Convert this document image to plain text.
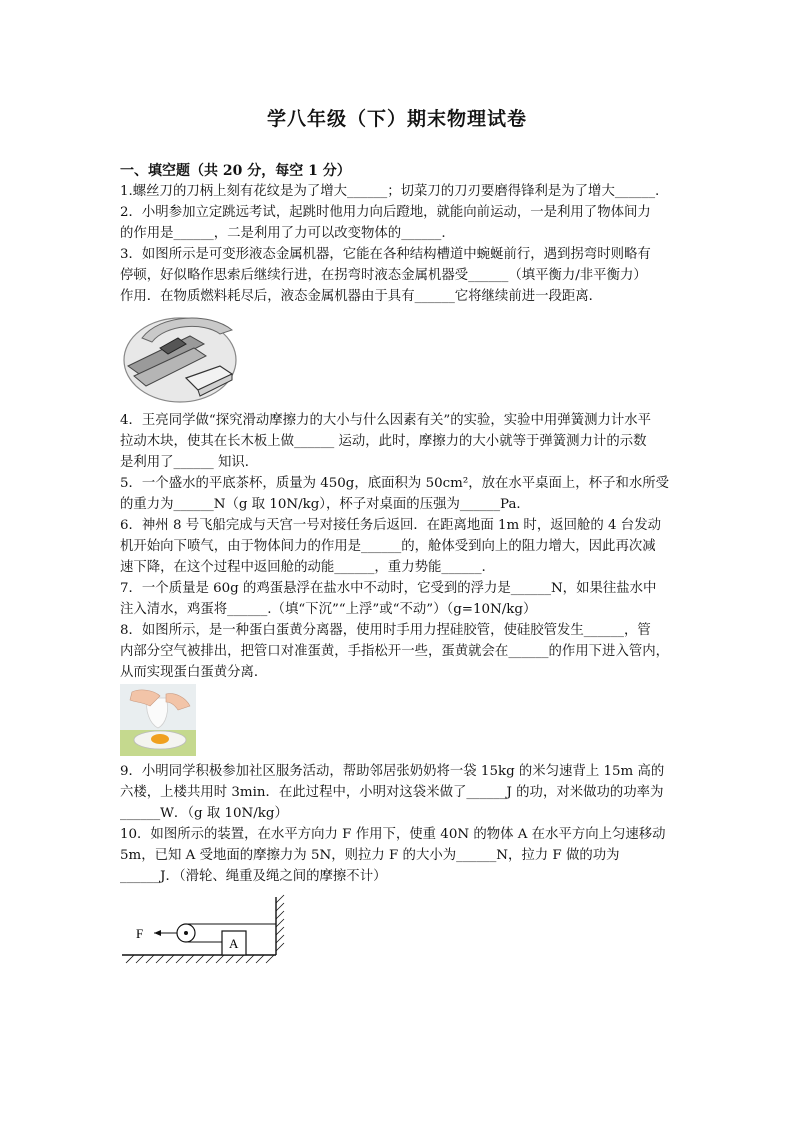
学八年级（下）期末物理试卷
一、填空题（共 20 分，每空 1 分）
1.螺丝刀的刀柄上刻有花纹是为了增大______；切菜刀的刀刃要磨得锋利是为了增大______.
2．小明参加立定跳远考试，起跳时他用力向后蹬地，就能向前运动，一是利用了物体间力
的作用是______，二是利用了力可以改变物体的______.
3．如图所示是可变形液态金属机器，它能在各种结构槽道中蜿蜒前行，遇到拐弯时则略有
停顿，好似略作思索后继续行进，在拐弯时液态金属机器受______（填平衡力/非平衡力）
作用．在物质燃料耗尽后，液态金属机器由于具有______它将继续前进一段距离．
4．王亮同学做“探究滑动摩擦力的大小与什么因素有关”的实验，实验中用弹簧测力计水平
拉动木块，使其在长木板上做______ 运动，此时，摩擦力的大小就等于弹簧测力计的示数
是利用了______ 知识．
5．一个盛水的平底茶杯，质量为 450g，底面积为 50cm²，放在水平桌面上，杯子和水所受
的重力为______N（g 取 10N/kg），杯子对桌面的压强为______Pa．
6．神州 8 号飞船完成与天宫一号对接任务后返回．在距离地面 1m 时，返回舱的 4 台发动
机开始向下喷气，由于物体间力的作用是______的，舱体受到向上的阻力增大，因此再次减
速下降，在这个过程中返回舱的动能______，重力势能______.
7．一个质量是 60g 的鸡蛋悬浮在盐水中不动时，它受到的浮力是______N，如果往盐水中
注入清水，鸡蛋将______.（填“下沉”“上浮”或“不动”）（g=10N/kg）
8．如图所示，是一种蛋白蛋黄分离器，使用时手用力捏硅胶管，使硅胶管发生______，管
内部分空气被排出，把管口对准蛋黄，手指松开一些，蛋黄就会在______的作用下进入管内，
从而实现蛋白蛋黄分离．
9．小明同学积极参加社区服务活动，帮助邻居张奶奶将一袋 15kg 的米匀速背上 15m 高的
六楼，上楼共用时 3min．在此过程中，小明对这袋米做了______J 的功，对米做功的功率为
______W．（g 取 10N/kg）
10．如图所示的装置，在水平方向力 F 作用下，使重 40N 的物体 A 在水平方向上匀速移动
5m，已知 A 受地面的摩擦力为 5N，则拉力 F 的大小为______N，拉力 F 做的功为
______J．（滑轮、绳重及绳之间的摩擦不计）
F
A
